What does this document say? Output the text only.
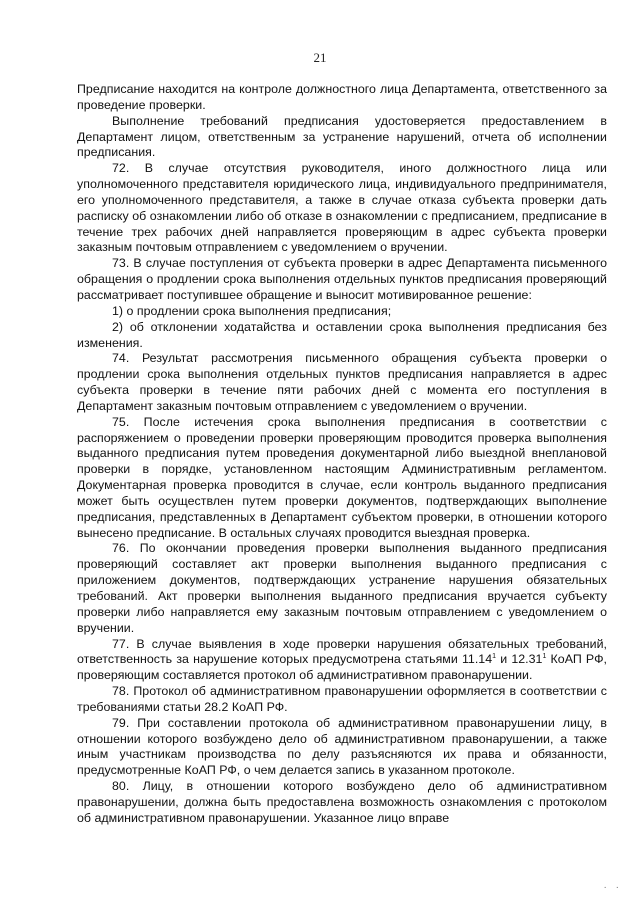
21

Предписание находится на контроле должностного лица Департамента, ответственного за проведение проверки.

Выполнение требований предписания удостоверяется предоставлением в Департамент лицом, ответственным за устранение нарушений, отчета об исполнении предписания.

72. В случае отсутствия руководителя, иного должностного лица или уполномоченного представителя юридического лица, индивидуального предпринимателя, его уполномоченного представителя, а также в случае отказа субъекта проверки дать расписку об ознакомлении либо об отказе в ознакомлении с предписанием, предписание в течение трех рабочих дней направляется проверяющим в адрес субъекта проверки заказным почтовым отправлением с уведомлением о вручении.

73. В случае поступления от субъекта проверки в адрес Департамента письменного обращения о продлении срока выполнения отдельных пунктов предписания проверяющий рассматривает поступившее обращение и выносит мотивированное решение:

1) о продлении срока выполнения предписания;

2) об отклонении ходатайства и оставлении срока выполнения предписания без изменения.

74. Результат рассмотрения письменного обращения субъекта проверки о продлении срока выполнения отдельных пунктов предписания направляется в адрес субъекта проверки в течение пяти рабочих дней с момента его поступления в Департамент заказным почтовым отправлением с уведомлением о вручении.

75. После истечения срока выполнения предписания в соответствии с распоряжением о проведении проверки проверяющим проводится проверка выполнения выданного предписания путем проведения документарной либо выездной внеплановой проверки в порядке, установленном настоящим Административным регламентом. Документарная проверка проводится в случае, если контроль выданного предписания может быть осуществлен путем проверки документов, подтверждающих выполнение предписания, представленных в Департамент субъектом проверки, в отношении которого вынесено предписание. В остальных случаях проводится выездная проверка.

76. По окончании проведения проверки выполнения выданного предписания проверяющий составляет акт проверки выполнения выданного предписания с приложением документов, подтверждающих устранение нарушения обязательных требований. Акт проверки выполнения выданного предписания вручается субъекту проверки либо направляется ему заказным почтовым отправлением с уведомлением о вручении.

77. В случае выявления в ходе проверки нарушения обязательных требований, ответственность за нарушение которых предусмотрена статьями 11.14$^1$ и 12.31$^1$ КоАП РФ, проверяющим составляется протокол об административном правонарушении.

78. Протокол об административном правонарушении оформляется в соответствии с требованиями статьи 28.2 КоАП РФ.

79. При составлении протокола об административном правонарушении лицу, в отношении которого возбуждено дело об административном правонарушении, а также иным участникам производства по делу разъясняются их права и обязанности, предусмотренные КоАП РФ, о чем делается запись в указанном протоколе.

80. Лицу, в отношении которого возбуждено дело об административном правонарушении, должна быть предоставлена возможность ознакомления с протоколом об административном правонарушении. Указанное лицо вправе

· ·
